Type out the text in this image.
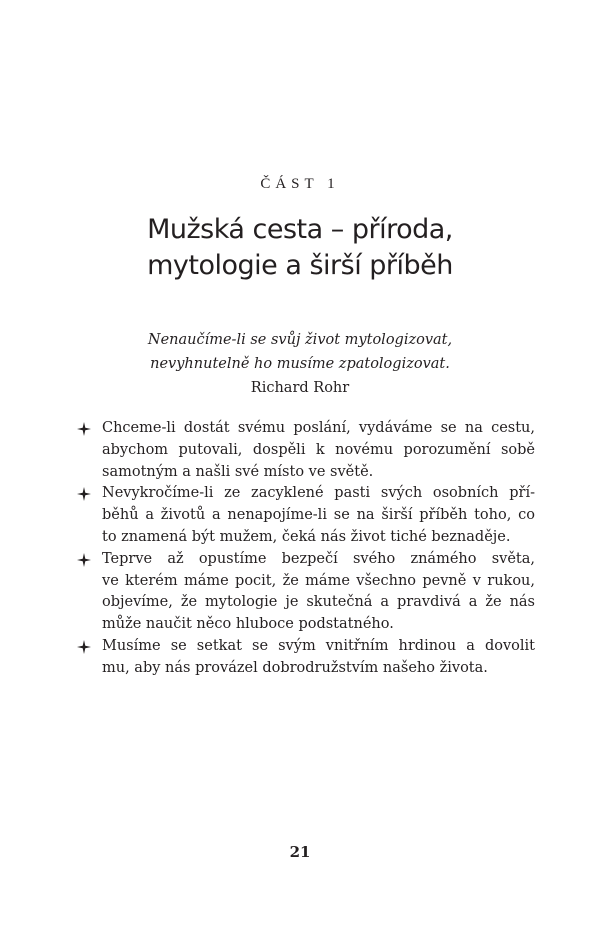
ČÁST 1
Mužská cesta – příroda,
mytologie a širší příběh
Nenaučíme-li se svůj život mytologizovat,
nevyhnutelně ho musíme zpatologizovat.
Richard Rohr
Chceme-li dostát svému poslání, vydáváme se na cestu,
abychom putovali, dospěli k novému porozumění sobě
samotným a našli své místo ve světě.
Nevykročíme-li ze zacyklené pasti svých osobních pří-
běhů a životů a nenapojíme-li se na širší příběh toho, co
to znamená být mužem, čeká nás život tiché beznaděje.
Teprve až opustíme bezpečí svého známého světa,
ve kterém máme pocit, že máme všechno pevně v rukou,
objevíme, že mytologie je skutečná a pravdivá a že nás
může naučit něco hluboce podstatného.
Musíme se setkat se svým vnitřním hrdinou a dovolit
mu, aby nás provázel dobrodružstvím našeho života.
21
